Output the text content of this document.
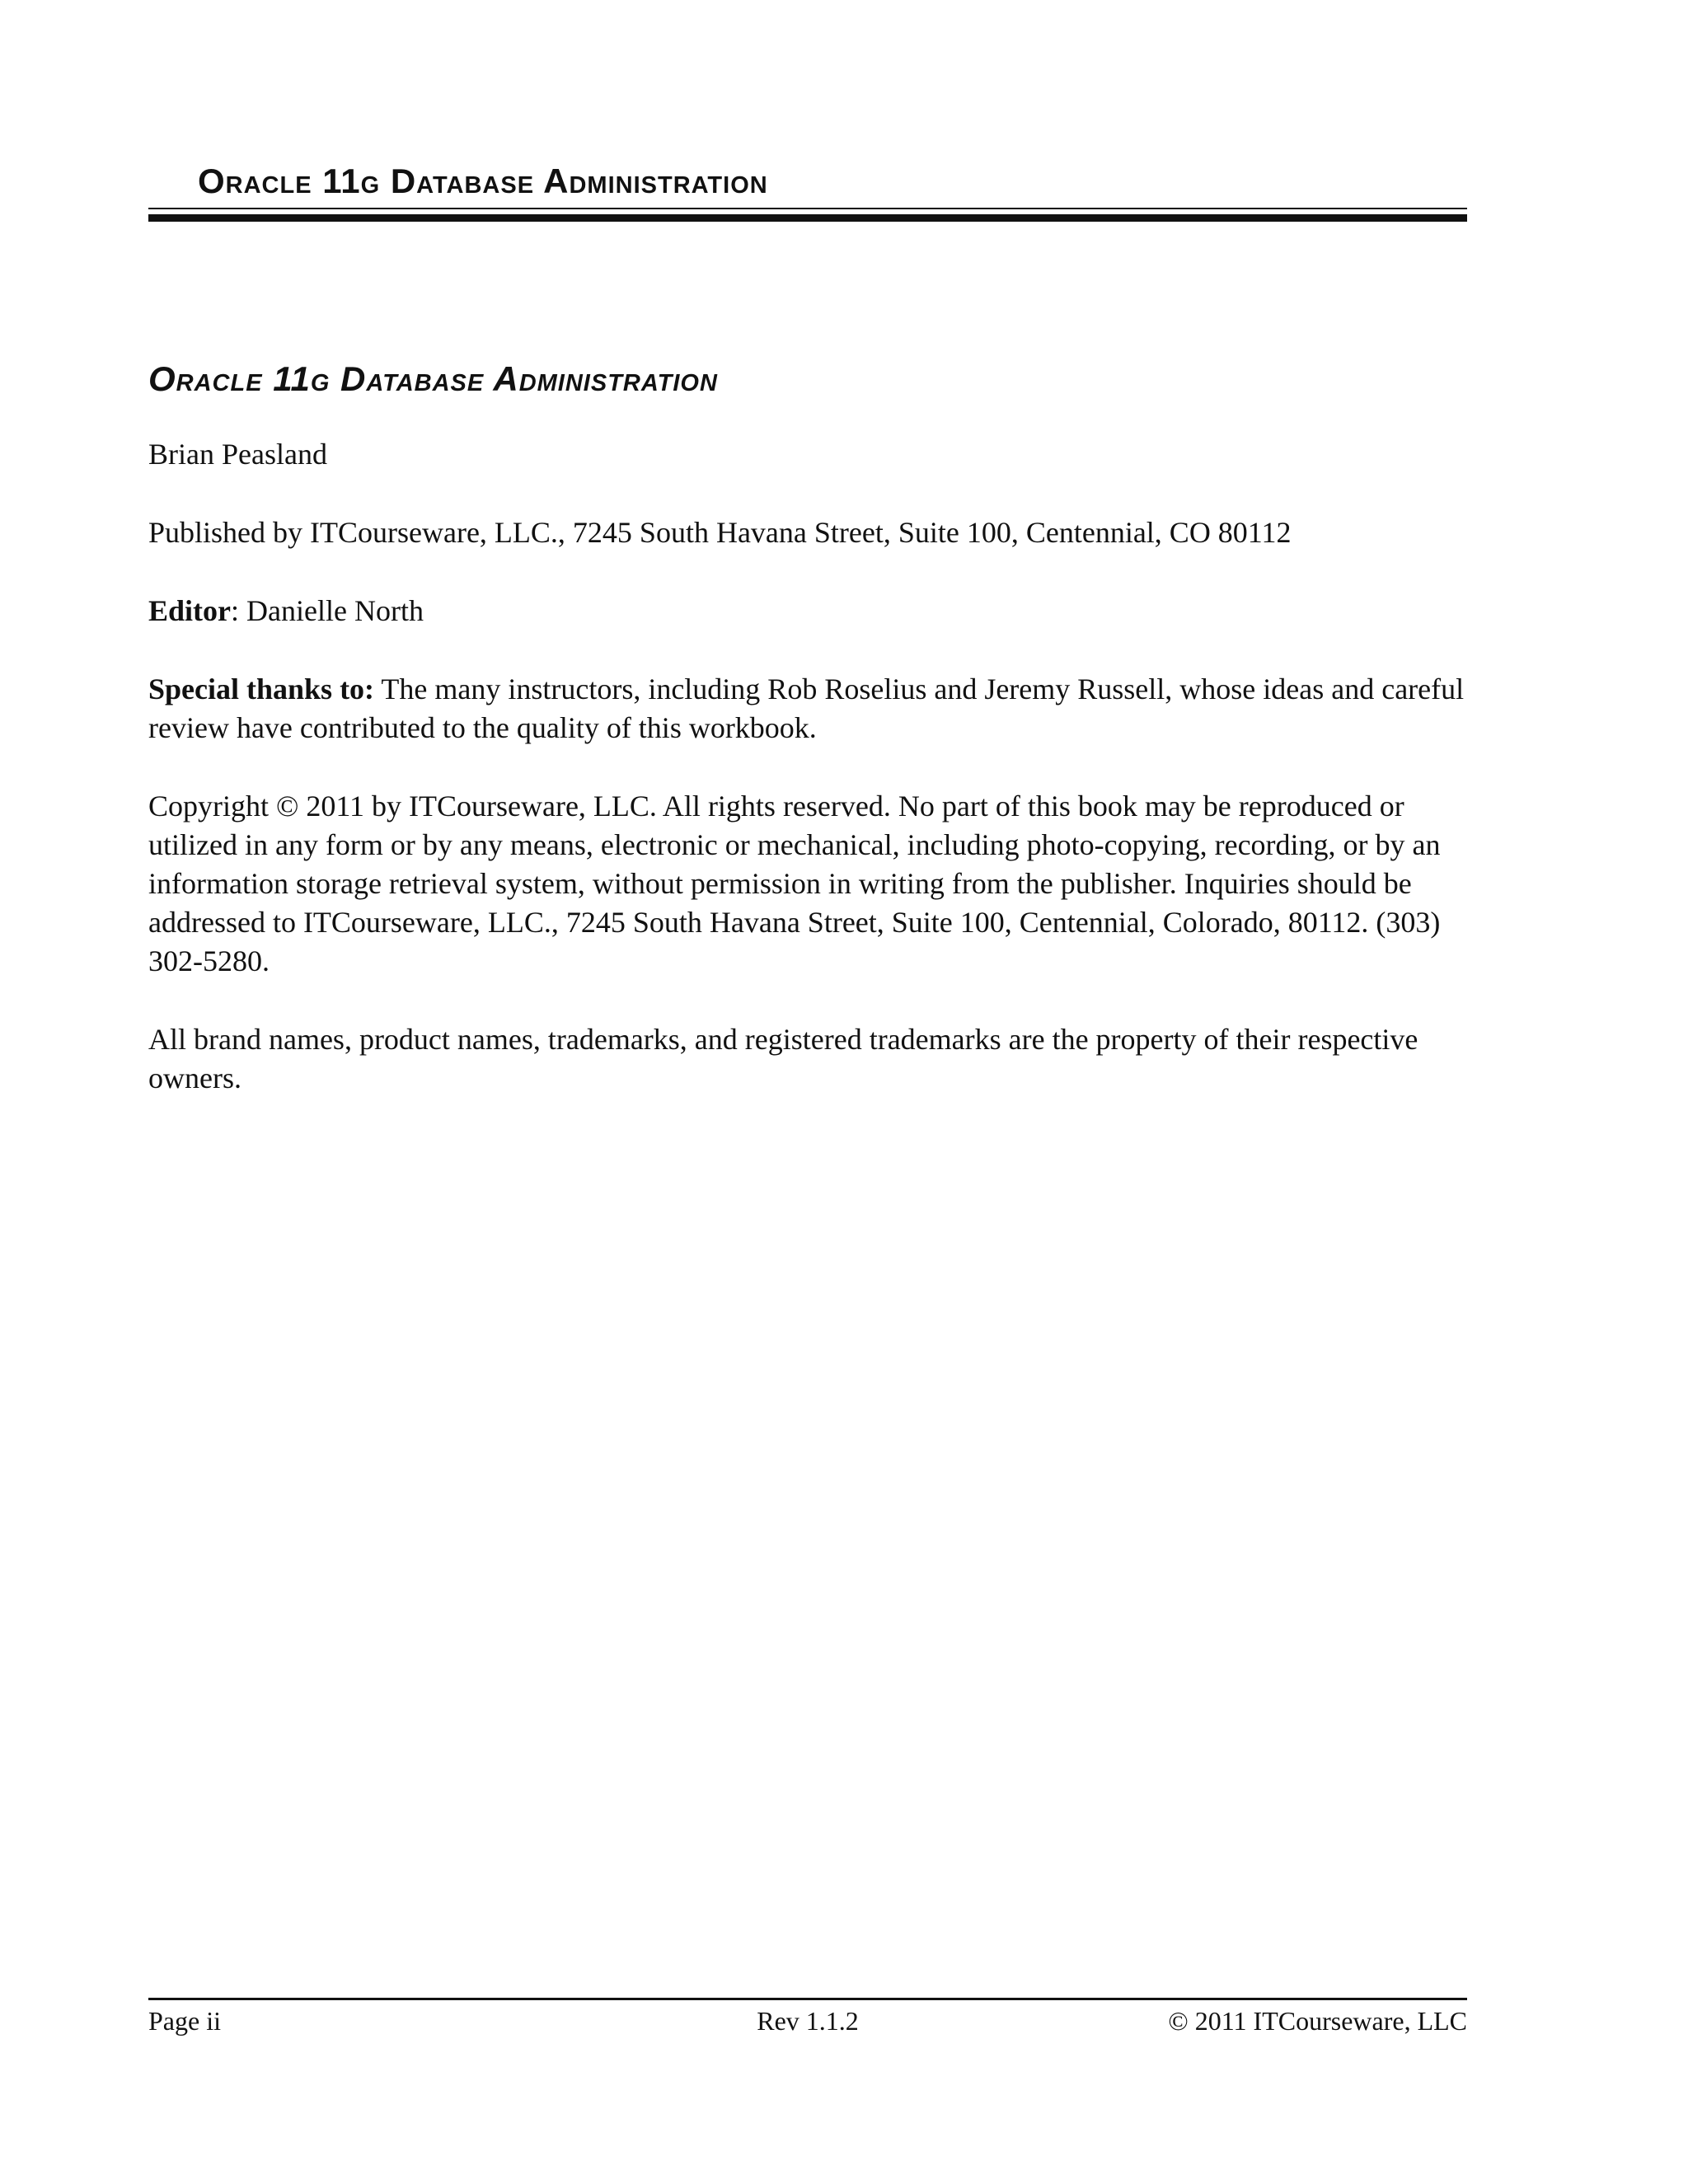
Oracle 11g Database Administration
Oracle 11g Database Administration

Brian Peasland

Published by ITCourseware, LLC., 7245 South Havana Street, Suite 100, Centennial, CO 80112

Editor: Danielle North

Special thanks to: The many instructors, including Rob Roselius and Jeremy Russell, whose ideas and careful review have contributed to the quality of this workbook.

Copyright © 2011 by ITCourseware, LLC. All rights reserved. No part of this book may be reproduced or utilized in any form or by any means, electronic or mechanical, including photo-copying, recording, or by an information storage retrieval system, without permission in writing from the publisher. Inquiries should be addressed to ITCourseware, LLC., 7245 South Havana Street, Suite 100, Centennial, Colorado, 80112. (303) 302-5280.

All brand names, product names, trademarks, and registered trademarks are the property of their respective owners.

Page ii	Rev 1.1.2	© 2011 ITCourseware, LLC
